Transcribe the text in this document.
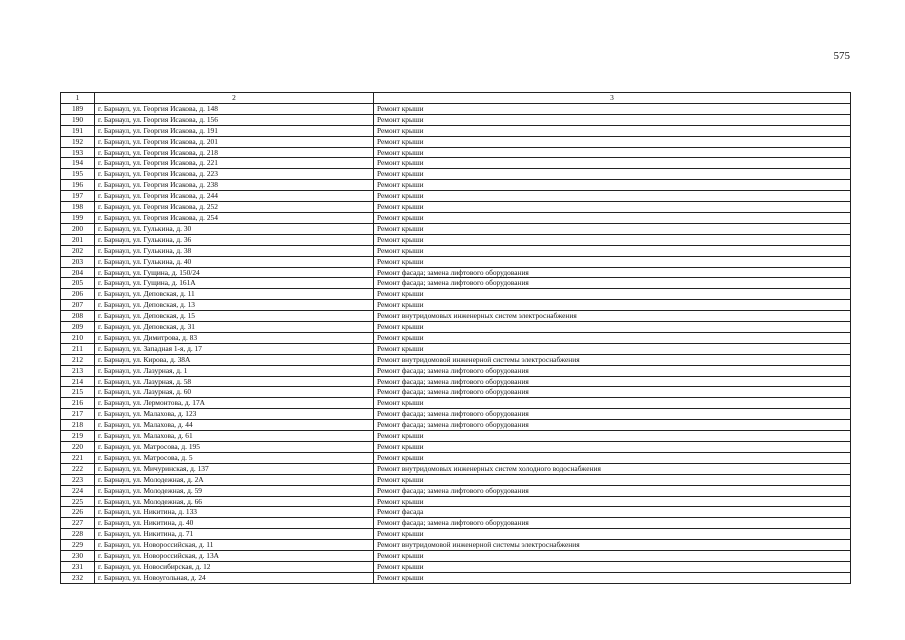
575
1	2	3
189	г. Барнаул, ул. Георгия Исакова, д. 148	Ремонт крыши
190	г. Барнаул, ул. Георгия Исакова, д. 156	Ремонт крыши
191	г. Барнаул, ул. Георгия Исакова, д. 191	Ремонт крыши
192	г. Барнаул, ул. Георгия Исакова, д. 201	Ремонт крыши
193	г. Барнаул, ул. Георгия Исакова, д. 218	Ремонт крыши
194	г. Барнаул, ул. Георгия Исакова, д. 221	Ремонт крыши
195	г. Барнаул, ул. Георгия Исакова, д. 223	Ремонт крыши
196	г. Барнаул, ул. Георгия Исакова, д. 238	Ремонт крыши
197	г. Барнаул, ул. Георгия Исакова, д. 244	Ремонт крыши
198	г. Барнаул, ул. Георгия Исакова, д. 252	Ремонт крыши
199	г. Барнаул, ул. Георгия Исакова, д. 254	Ремонт крыши
200	г. Барнаул, ул. Гулькина, д. 30	Ремонт крыши
201	г. Барнаул, ул. Гулькина, д. 36	Ремонт крыши
202	г. Барнаул, ул. Гулькина, д. 38	Ремонт крыши
203	г. Барнаул, ул. Гулькина, д. 40	Ремонт крыши
204	г. Барнаул, ул. Гущина, д. 150/24	Ремонт фасада; замена лифтового оборудования
205	г. Барнаул, ул. Гущина, д. 161А	Ремонт фасада; замена лифтового оборудования
206	г. Барнаул, ул. Деповская, д. 11	Ремонт крыши
207	г. Барнаул, ул. Деповская, д. 13	Ремонт крыши
208	г. Барнаул, ул. Деповская, д. 15	Ремонт внутридомовых инженерных систем электроснабжения
209	г. Барнаул, ул. Деповская, д. 31	Ремонт крыши
210	г. Барнаул, ул. Димитрова, д. 83	Ремонт крыши
211	г. Барнаул, ул. Западная 1-я, д. 17	Ремонт крыши
212	г. Барнаул, ул. Кирова, д. 38А	Ремонт внутридомовой инженерной системы электроснабжения
213	г. Барнаул, ул. Лазурная, д. 1	Ремонт фасада; замена лифтового оборудования
214	г. Барнаул, ул. Лазурная, д. 58	Ремонт фасада; замена лифтового оборудования
215	г. Барнаул, ул. Лазурная, д. 60	Ремонт фасада; замена лифтового оборудования
216	г. Барнаул, ул. Лермонтова, д. 17А	Ремонт крыши
217	г. Барнаул, ул. Малахова, д. 123	Ремонт фасада; замена лифтового оборудования
218	г. Барнаул, ул. Малахова, д. 44	Ремонт фасада; замена лифтового оборудования
219	г. Барнаул, ул. Малахова, д. 61	Ремонт крыши
220	г. Барнаул, ул. Матросова, д. 195	Ремонт крыши
221	г. Барнаул, ул. Матросова, д. 5	Ремонт крыши
222	г. Барнаул, ул. Мичуринская, д. 137	Ремонт внутридомовых инженерных систем холодного водоснабжения
223	г. Барнаул, ул. Молодежная, д. 2А	Ремонт крыши
224	г. Барнаул, ул. Молодежная, д. 59	Ремонт фасада; замена лифтового оборудования
225	г. Барнаул, ул. Молодежная, д. 66	Ремонт крыши
226	г. Барнаул, ул. Никитина, д. 133	Ремонт фасада
227	г. Барнаул, ул. Никитина, д. 40	Ремонт фасада; замена лифтового оборудования
228	г. Барнаул, ул. Никитина, д. 71	Ремонт крыши
229	г. Барнаул, ул. Новороссийская, д. 11	Ремонт внутридомовой инженерной системы электроснабжения
230	г. Барнаул, ул. Новороссийская, д. 13А	Ремонт крыши
231	г. Барнаул, ул. Новосибирская, д. 12	Ремонт крыши
232	г. Барнаул, ул. Новоугольная, д. 24	Ремонт крыши
